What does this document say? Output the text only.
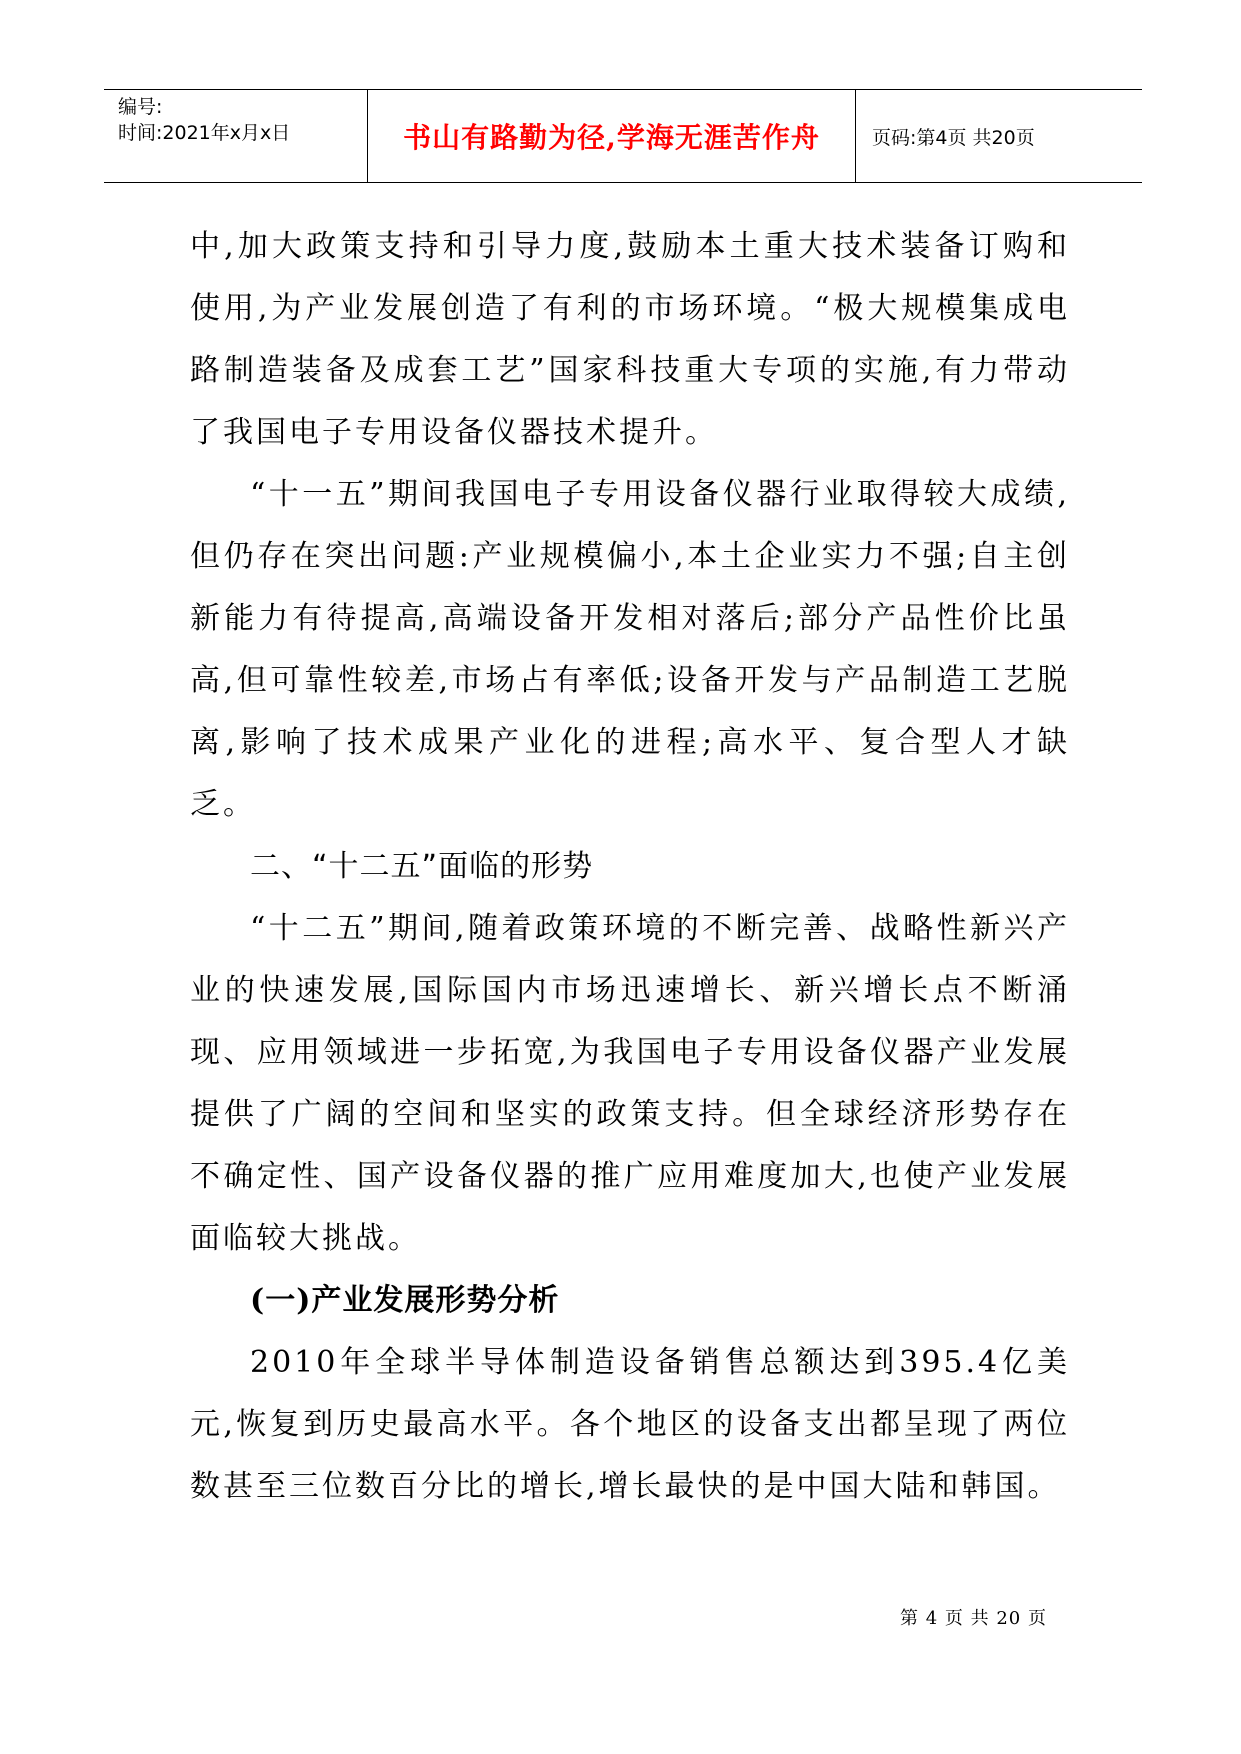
编号:
时间:2021年x月x日	书山有路勤为径,学海无涯苦作舟	页码:第4页 共20页

中,加大政策支持和引导力度,鼓励本土重大技术装备订购和使用,为产业发展创造了有利的市场环境。“极大规模集成电路制造装备及成套工艺”国家科技重大专项的实施,有力带动了我国电子专用设备仪器技术提升。

“十一五”期间我国电子专用设备仪器行业取得较大成绩,但仍存在突出问题:产业规模偏小,本土企业实力不强;自主创新能力有待提高,高端设备开发相对落后;部分产品性价比虽高,但可靠性较差,市场占有率低;设备开发与产品制造工艺脱离,影响了技术成果产业化的进程;高水平、复合型人才缺乏。

二、“十二五”面临的形势

“十二五”期间,随着政策环境的不断完善、战略性新兴产业的快速发展,国际国内市场迅速增长、新兴增长点不断涌现、应用领域进一步拓宽,为我国电子专用设备仪器产业发展提供了广阔的空间和坚实的政策支持。但全球经济形势存在不确定性、国产设备仪器的推广应用难度加大,也使产业发展面临较大挑战。

(一)产业发展形势分析

2010年全球半导体制造设备销售总额达到395.4亿美元,恢复到历史最高水平。各个地区的设备支出都呈现了两位数甚至三位数百分比的增长,增长最快的是中国大陆和韩国。

第 4 页 共 20 页
